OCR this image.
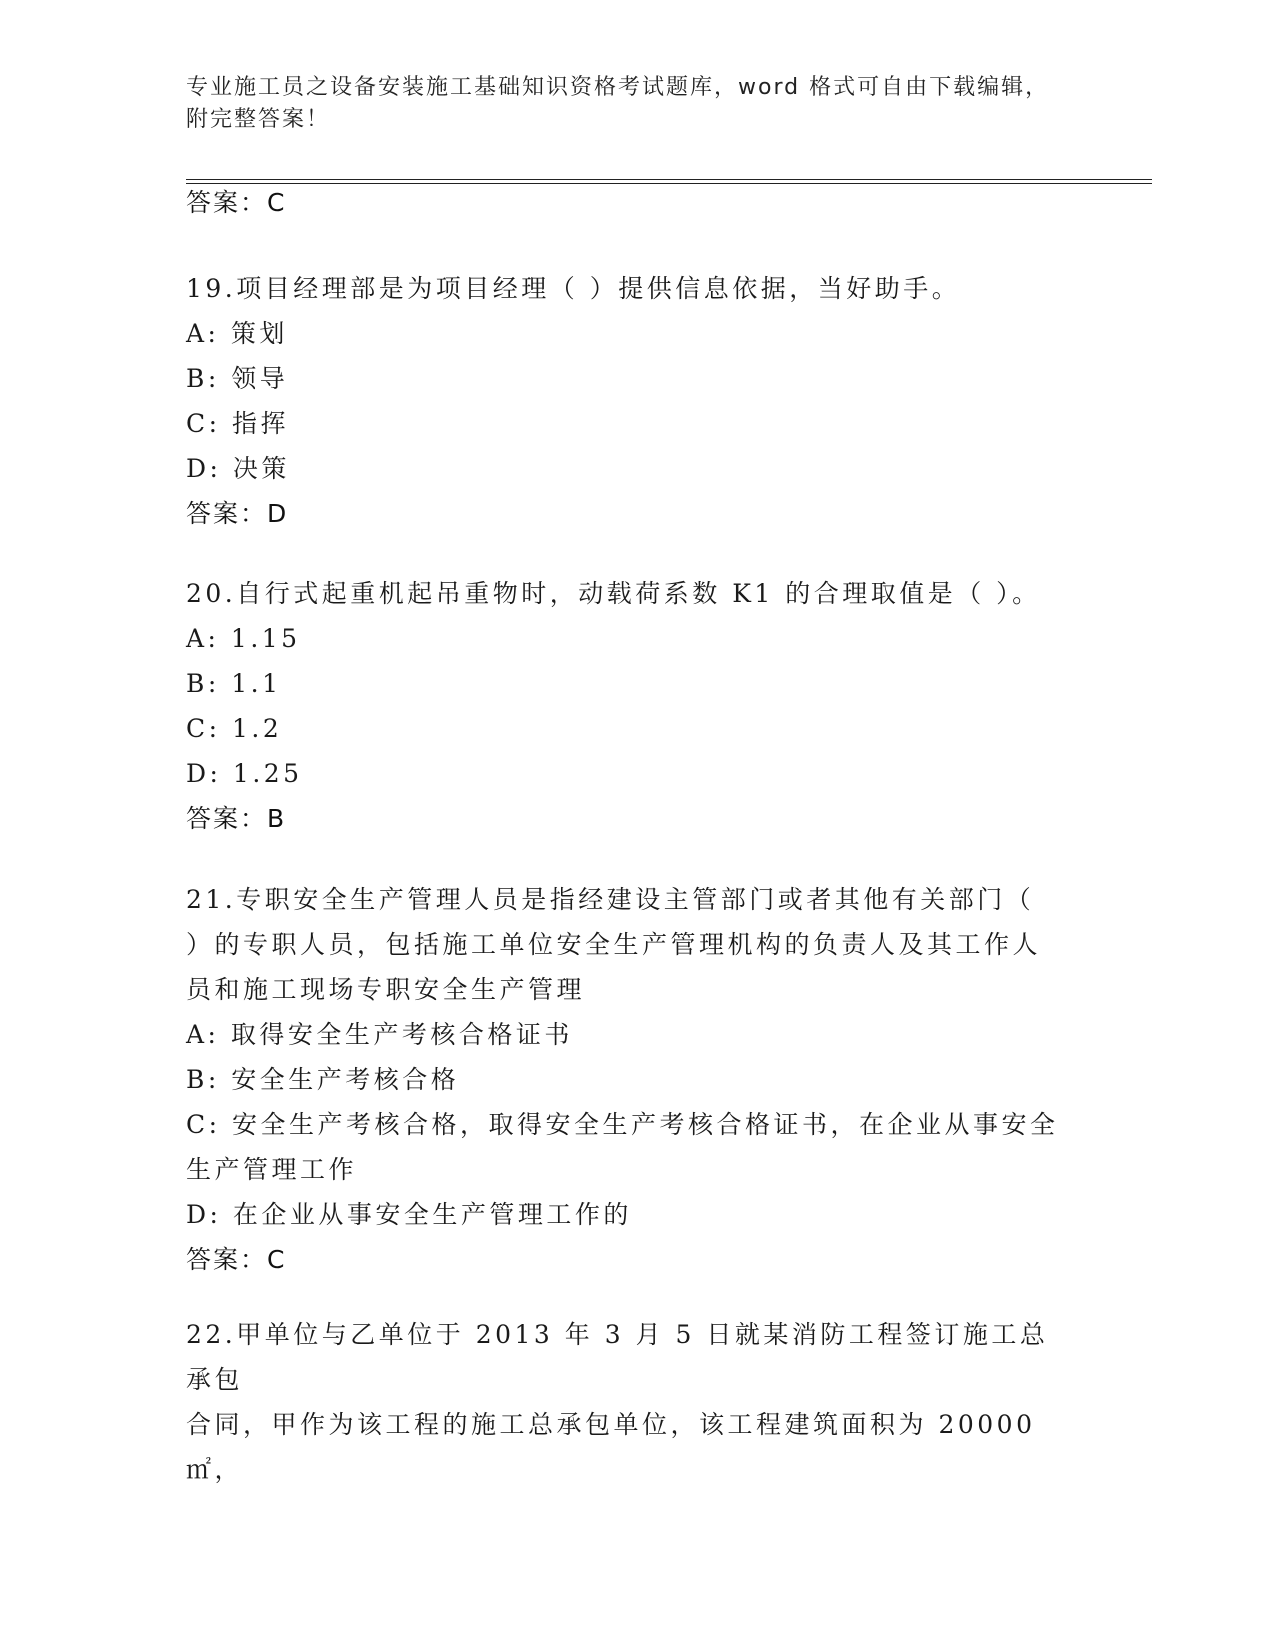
专业施工员之设备安装施工基础知识资格考试题库，word 格式可自由下载编辑，
附完整答案！
答案：C
19.项目经理部是为项目经理（ ）提供信息依据，当好助手。
A: 策划
B: 领导
C: 指挥
D: 决策
答案：D
20.自行式起重机起吊重物时，动载荷系数 K1 的合理取值是（ ）。
A: 1.15
B: 1.1
C: 1.2
D: 1.25
答案：B
21.专职安全生产管理人员是指经建设主管部门或者其他有关部门（
）的专职人员，包括施工单位安全生产管理机构的负责人及其工作人
员和施工现场专职安全生产管理
A: 取得安全生产考核合格证书
B: 安全生产考核合格
C: 安全生产考核合格，取得安全生产考核合格证书，在企业从事安全
生产管理工作
D: 在企业从事安全生产管理工作的
答案：C
22.甲单位与乙单位于 2013 年 3 月 5 日就某消防工程签订施工总承包
合同，甲作为该工程的施工总承包单位，该工程建筑面积为 20000㎡，
